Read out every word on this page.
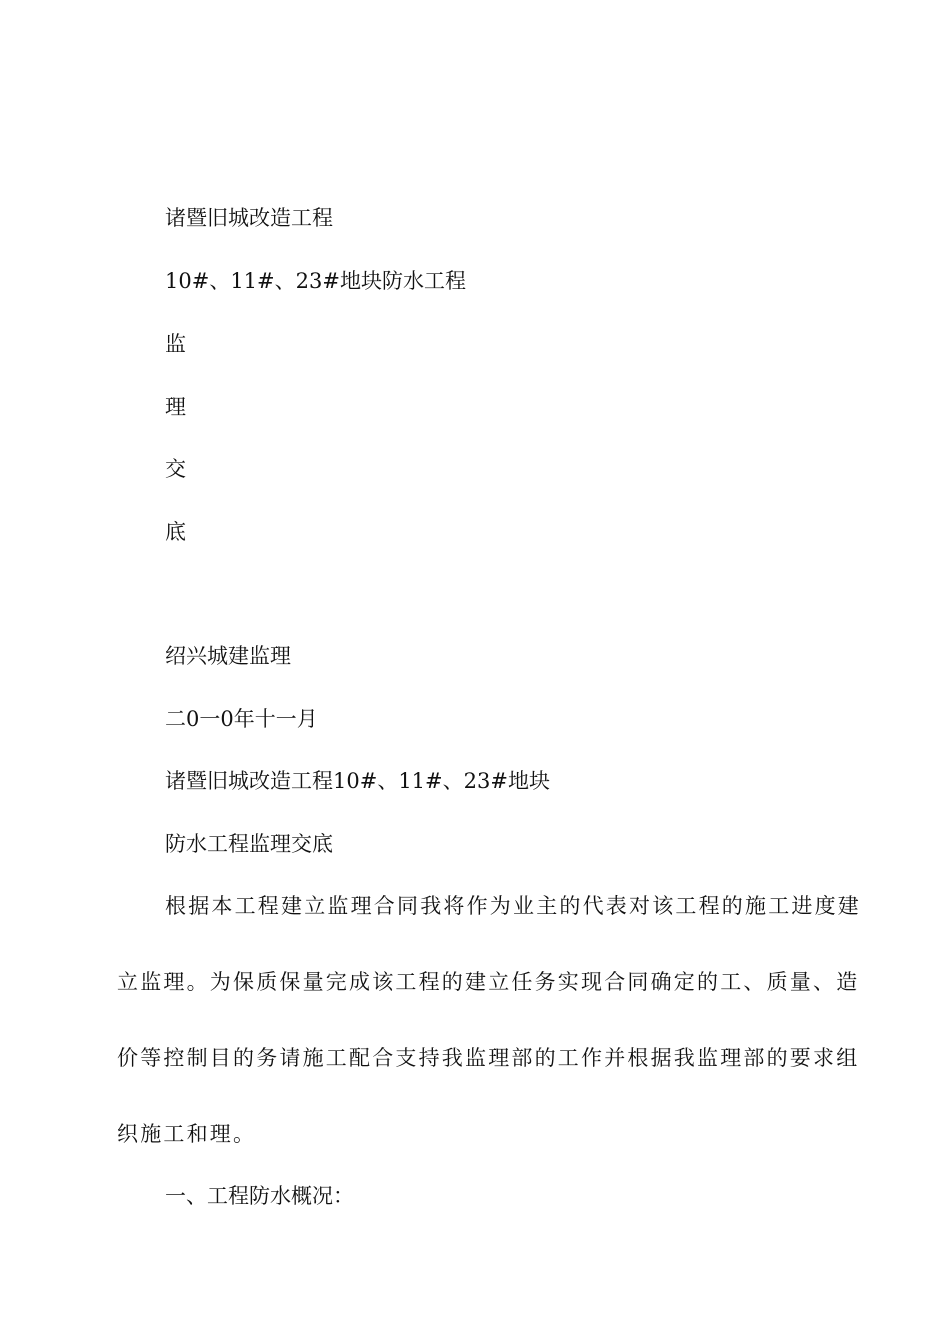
诸暨旧城改造工程
10#、11#、23#地块防水工程
监
理
交
底
绍兴城建监理
二0一0年十一月
诸暨旧城改造工程10#、11#、23#地块
防水工程监理交底
根据本工程建立监理合同我将作为业主的代表对该工程的施工进度建
立监理。为保质保量完成该工程的建立任务实现合同确定的工、质量、造
价等控制目的务请施工配合支持我监理部的工作并根据我监理部的要求组
织施工和理。
一、工程防水概况：
